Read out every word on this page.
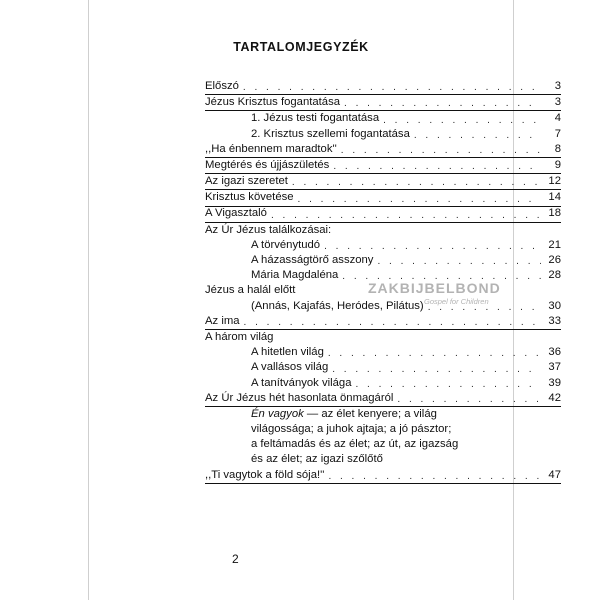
TARTALOMJEGYZÉK
Előszó . . .	3
Jézus Krisztus fogantatása . . .	3
1. Jézus testi fogantatása . . .	4
2. Krisztus szellemi fogantatása . . .	7
,,Ha énbennem maradtok'' . . .	8
Megtérés és újjászületés . . .	9
Az igazi szeretet . . .	12
Krisztus követése . . .	14
A Vigasztaló . . .	18
Az Úr Jézus találkozásai:
A törvénytudó . . .	21
A házasságtörő asszony . . .	26
Mária Magdaléna . . .	28
Jézus a halál előtt
(Annás, Kajafás, Heródes, Pilátus) . . .	30
Az ima . . .	33
A három világ
A hitetlen világ . . .	36
A vallásos világ . . .	37
A tanítványok világa . . .	39
Az Úr Jézus hét hasonlata önmagáról . . .	42
Én vagyok — az élet kenyere; a világ
világossága; a juhok ajtaja; a jó pásztor;
a feltámadás és az élet; az út, az igazság
és az élet; az igazi szőlőtő
,,Ti vagytok a föld sója!'' . . .	47
2
ZAKBIJBELBOND
Gospel for Children
